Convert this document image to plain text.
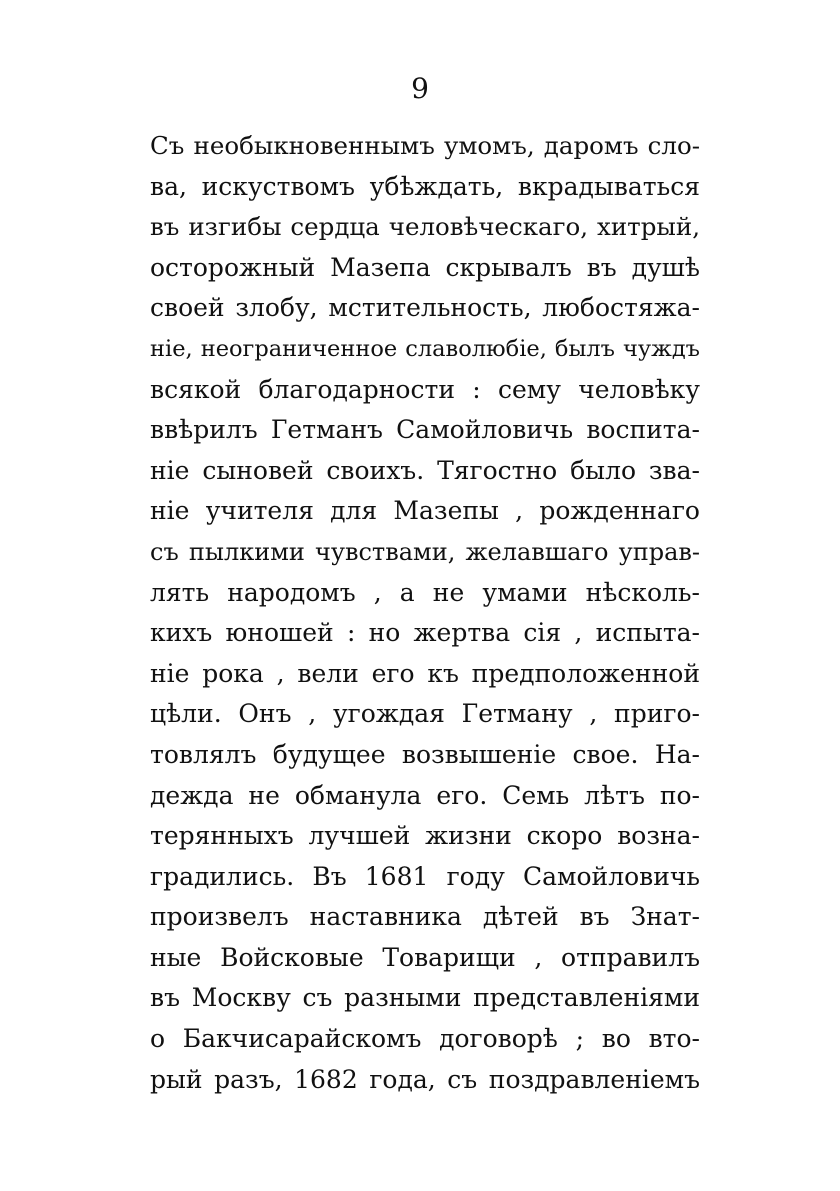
9
Съ необыкновеннымъ умомъ, даромъ сло-
ва, искуствомъ убѣждать, вкрадываться
въ изгибы сердца человѣческаго, хитрый,
осторожный Мазепа скрывалъ въ душѣ
своей злобу, мстительность, любостяжа-
ніе, неограниченное славолюбіе, былъ чуждъ
всякой благодарности : сему человѣку
ввѣрилъ Гетманъ Самойловичь воспита-
ніе сыновей своихъ. Тягостно было зва-
ніе учителя для Мазепы , рожденнаго
съ пылкими чувствами, желавшаго управ-
лять народомъ , а не умами нѣсколь-
кихъ юношей : но жертва сія , испыта-
ніе рока , вели его къ предположенной
цѣли. Онъ , угождая Гетману , приго-
товлялъ будущее возвышеніе свое. На-
дежда не обманула его. Семь лѣтъ по-
терянныхъ лучшей жизни скоро возна-
градились. Въ 1681 году Самойловичь
произвелъ наставника дѣтей въ Знат-
ные Войсковые Товарищи , отправилъ
въ Москву съ разными представленіями
о Бакчисарайскомъ договорѣ ; во вто-
рый разъ, 1682 года, съ поздравленіемъ
